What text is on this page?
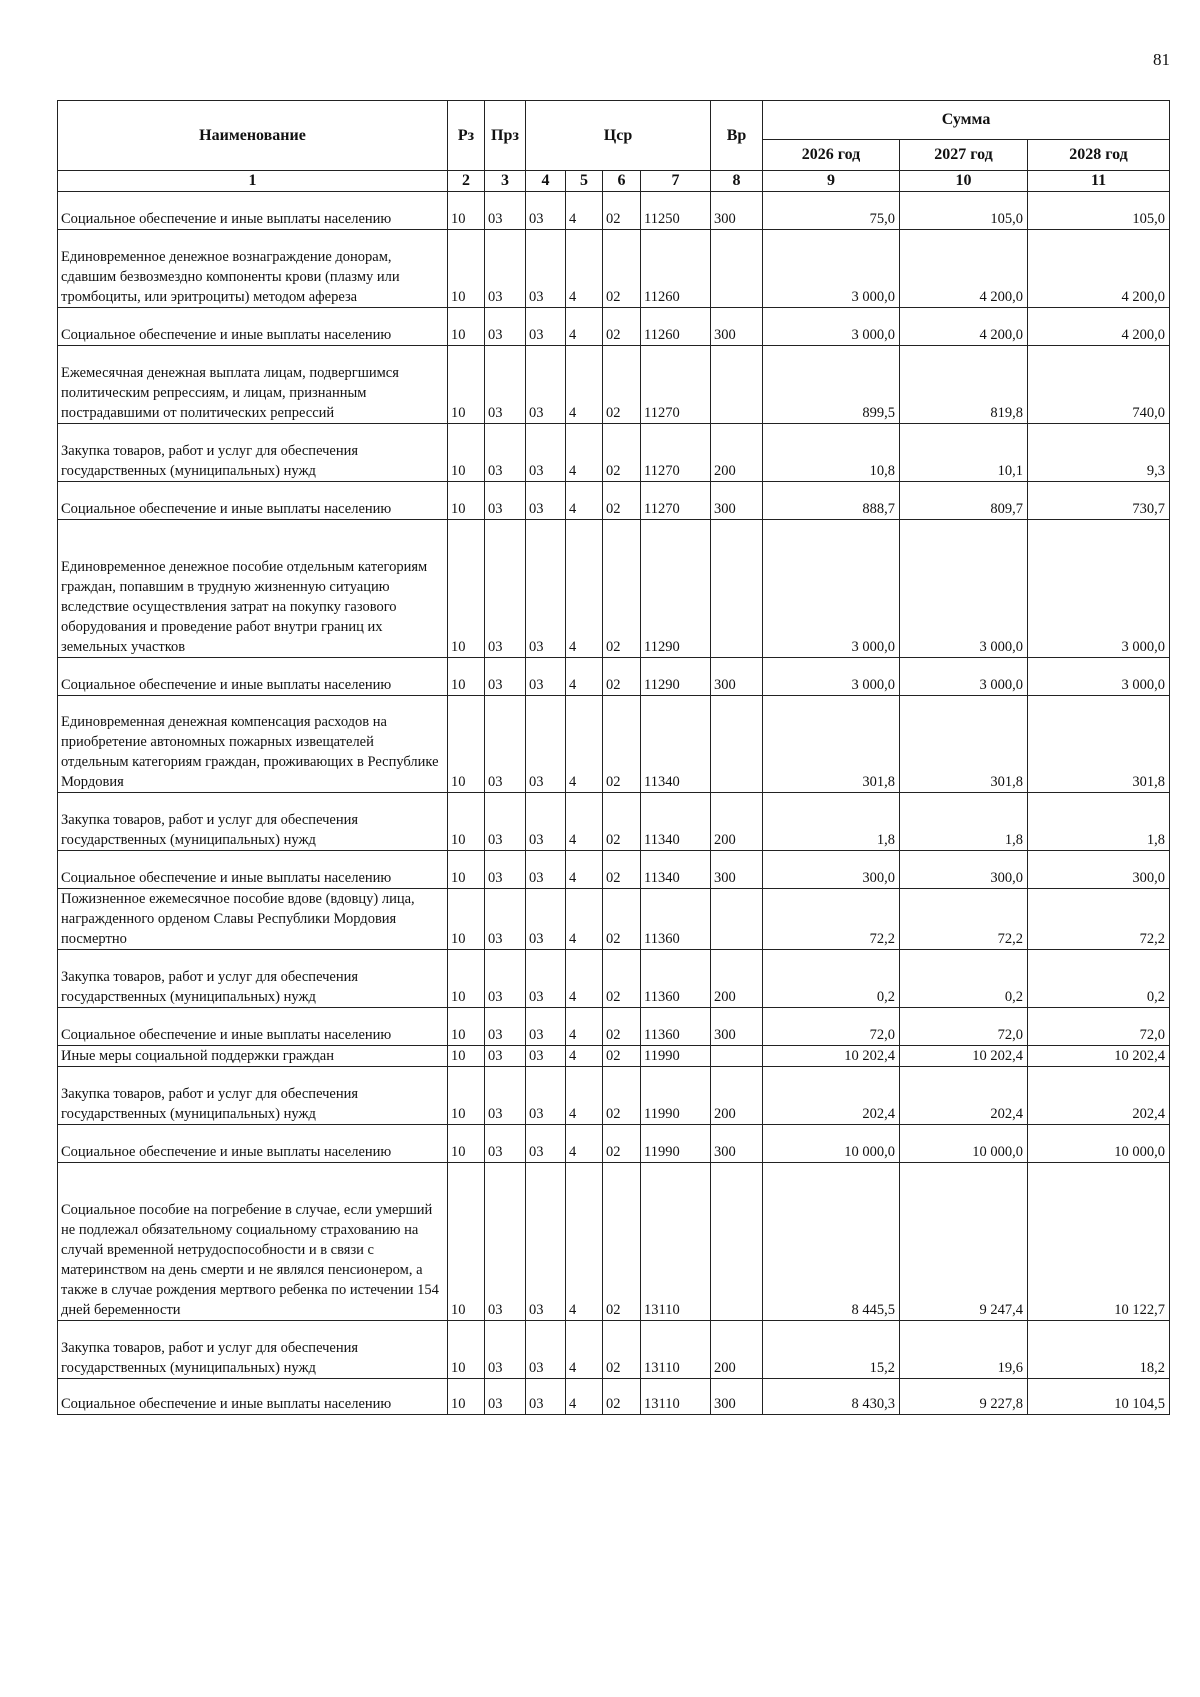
81
Наименование	Рз	Прз	Цср				Вр	Сумма		
								2026 год	2027 год	2028 год
1	2	3	4	5	6	7	8	9	10	11
Социальное обеспечение и иные выплаты населению	10	03	03	4	02	11250	300	75,0	105,0	105,0
Единовременное денежное вознаграждение донорам, сдавшим безвозмездно компоненты крови (плазму или тромбоциты, или эритроциты) методом афереза	10	03	03	4	02	11260		3 000,0	4 200,0	4 200,0
Социальное обеспечение и иные выплаты населению	10	03	03	4	02	11260	300	3 000,0	4 200,0	4 200,0
Ежемесячная денежная выплата лицам, подвергшимся политическим репрессиям, и лицам, признанным пострадавшими от политических репрессий	10	03	03	4	02	11270		899,5	819,8	740,0
Закупка товаров, работ и услуг для обеспечения государственных (муниципальных) нужд	10	03	03	4	02	11270	200	10,8	10,1	9,3
Социальное обеспечение и иные выплаты населению	10	03	03	4	02	11270	300	888,7	809,7	730,7
Единовременное денежное пособие отдельным категориям граждан, попавшим в трудную жизненную ситуацию вследствие осуществления затрат на покупку газового оборудования и проведение работ внутри границ их земельных участков	10	03	03	4	02	11290		3 000,0	3 000,0	3 000,0
Социальное обеспечение и иные выплаты населению	10	03	03	4	02	11290	300	3 000,0	3 000,0	3 000,0
Единовременная денежная компенсация расходов на приобретение автономных пожарных извещателей отдельным категориям граждан, проживающих в Республике Мордовия	10	03	03	4	02	11340		301,8	301,8	301,8
Закупка товаров, работ и услуг для обеспечения государственных (муниципальных) нужд	10	03	03	4	02	11340	200	1,8	1,8	1,8
Социальное обеспечение и иные выплаты населению	10	03	03	4	02	11340	300	300,0	300,0	300,0
Пожизненное ежемесячное пособие вдове (вдовцу) лица, награжденного орденом Славы Республики Мордовия посмертно	10	03	03	4	02	11360		72,2	72,2	72,2
Закупка товаров, работ и услуг для обеспечения государственных (муниципальных) нужд	10	03	03	4	02	11360	200	0,2	0,2	0,2
Социальное обеспечение и иные выплаты населению	10	03	03	4	02	11360	300	72,0	72,0	72,0
Иные меры социальной поддержки граждан	10	03	03	4	02	11990		10 202,4	10 202,4	10 202,4
Закупка товаров, работ и услуг для обеспечения государственных (муниципальных) нужд	10	03	03	4	02	11990	200	202,4	202,4	202,4
Социальное обеспечение и иные выплаты населению	10	03	03	4	02	11990	300	10 000,0	10 000,0	10 000,0
Социальное пособие на погребение в случае, если умерший не подлежал обязательному социальному страхованию на случай временной нетрудоспособности и в связи с материнством на день смерти и не являлся пенсионером, а также в случае рождения мертвого ребенка по истечении 154 дней беременности	10	03	03	4	02	13110		8 445,5	9 247,4	10 122,7
Закупка товаров, работ и услуг для обеспечения государственных (муниципальных) нужд	10	03	03	4	02	13110	200	15,2	19,6	18,2
Социальное обеспечение и иные выплаты населению	10	03	03	4	02	13110	300	8 430,3	9 227,8	10 104,5
